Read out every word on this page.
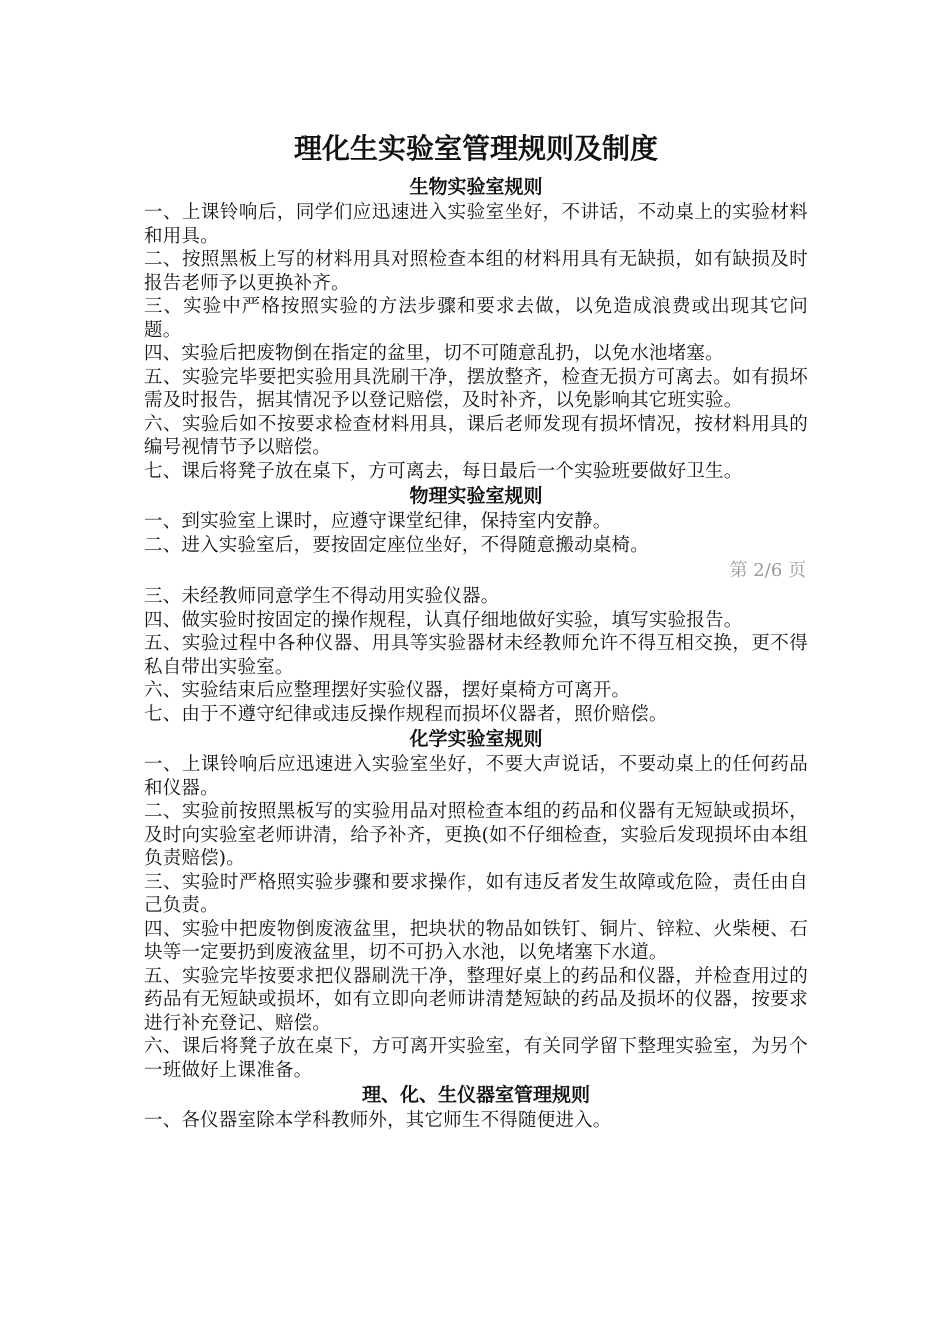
理化生实验室管理规则及制度
生物实验室规则

一、上课铃响后，同学们应迅速进入实验室坐好，不讲话，不动桌上的实验材料和用具。

二、按照黑板上写的材料用具对照检查本组的材料用具有无缺损，如有缺损及时报告老师予以更换补齐。

三、实验中严格按照实验的方法步骤和要求去做，以免造成浪费或出现其它问题。

四、实验后把废物倒在指定的盆里，切不可随意乱扔，以免水池堵塞。

五、实验完毕要把实验用具洗刷干净，摆放整齐，检查无损方可离去。如有损坏需及时报告，据其情况予以登记赔偿，及时补齐，以免影响其它班实验。

六、实验后如不按要求检查材料用具，课后老师发现有损坏情况，按材料用具的编号视情节予以赔偿。

七、课后将凳子放在桌下，方可离去，每日最后一个实验班要做好卫生。

物理实验室规则

一、到实验室上课时，应遵守课堂纪律，保持室内安静。

二、进入实验室后，要按固定座位坐好，不得随意搬动桌椅。

第 2/6 页

三、未经教师同意学生不得动用实验仪器。

四、做实验时按固定的操作规程，认真仔细地做好实验，填写实验报告。

五、实验过程中各种仪器、用具等实验器材未经教师允许不得互相交换，更不得私自带出实验室。

六、实验结束后应整理摆好实验仪器，摆好桌椅方可离开。

七、由于不遵守纪律或违反操作规程而损坏仪器者，照价赔偿。

化学实验室规则

一、上课铃响后应迅速进入实验室坐好，不要大声说话，不要动桌上的任何药品和仪器。

二、实验前按照黑板写的实验用品对照检查本组的药品和仪器有无短缺或损坏，及时向实验室老师讲清，给予补齐，更换(如不仔细检查，实验后发现损坏由本组负责赔偿)。

三、实验时严格照实验步骤和要求操作，如有违反者发生故障或危险，责任由自己负责。

四、实验中把废物倒废液盆里，把块状的物品如铁钉、铜片、锌粒、火柴梗、石块等一定要扔到废液盆里，切不可扔入水池，以免堵塞下水道。

五、实验完毕按要求把仪器刷洗干净，整理好桌上的药品和仪器，并检查用过的药品有无短缺或损坏，如有立即向老师讲清楚短缺的药品及损坏的仪器，按要求进行补充登记、赔偿。

六、课后将凳子放在桌下，方可离开实验室，有关同学留下整理实验室，为另个一班做好上课准备。

理、化、生仪器室管理规则

一、各仪器室除本学科教师外，其它师生不得随便进入。
